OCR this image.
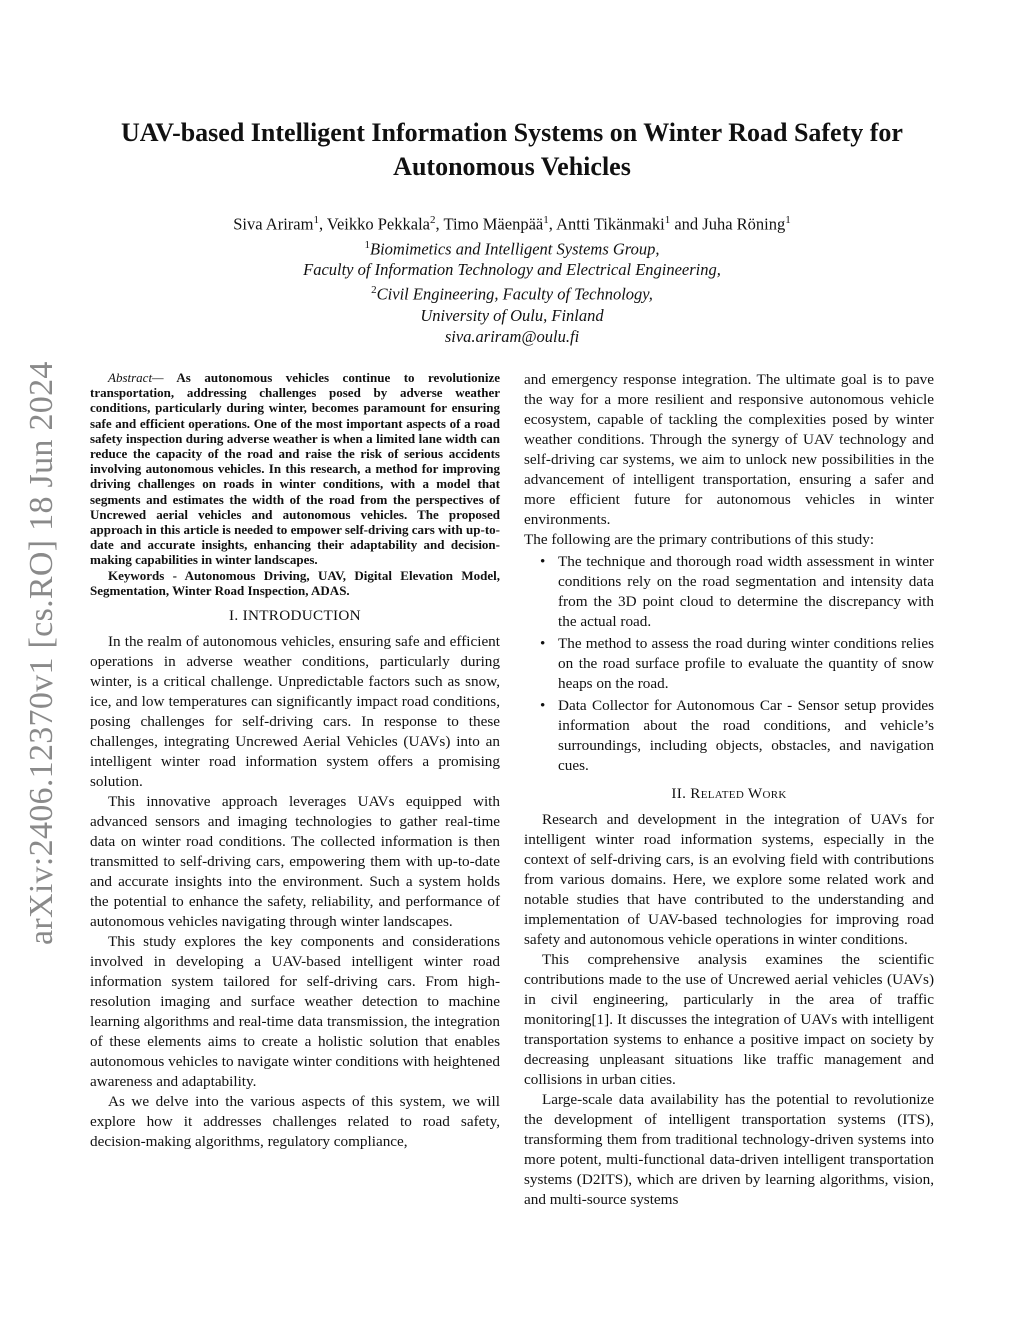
arXiv:2406.12370v1 [cs.RO] 18 Jun 2024
UAV-based Intelligent Information Systems on Winter Road Safety for Autonomous Vehicles
Siva Ariram$^1$, Veikko Pekkala$^2$, Timo Mäenpää$^1$, Antti Tikänmaki$^1$ and Juha Röning$^1$
$^1$Biomimetics and Intelligent Systems Group,
Faculty of Information Technology and Electrical Engineering,
$^2$Civil Engineering, Faculty of Technology,
University of Oulu, Finland
siva.ariram@oulu.fi

Abstract— As autonomous vehicles continue to revolutionize transportation, addressing challenges posed by adverse weather conditions, particularly during winter, becomes paramount for ensuring safe and efficient operations. One of the most important aspects of a road safety inspection during adverse weather is when a limited lane width can reduce the capacity of the road and raise the risk of serious accidents involving autonomous vehicles. In this research, a method for improving driving challenges on roads in winter conditions, with a model that segments and estimates the width of the road from the perspectives of Uncrewed aerial vehicles and autonomous vehicles. The proposed approach in this article is needed to empower self-driving cars with up-to-date and accurate insights, enhancing their adaptability and decision-making capabilities in winter landscapes.

Keywords - Autonomous Driving, UAV, Digital Elevation Model, Segmentation, Winter Road Inspection, ADAS.

I. INTRODUCTION

In the realm of autonomous vehicles, ensuring safe and efficient operations in adverse weather conditions, particularly during winter, is a critical challenge. Unpredictable factors such as snow, ice, and low temperatures can significantly impact road conditions, posing challenges for self-driving cars. In response to these challenges, integrating Uncrewed Aerial Vehicles (UAVs) into an intelligent winter road information system offers a promising solution.

This innovative approach leverages UAVs equipped with advanced sensors and imaging technologies to gather real-time data on winter road conditions. The collected information is then transmitted to self-driving cars, empowering them with up-to-date and accurate insights into the environment. Such a system holds the potential to enhance the safety, reliability, and performance of autonomous vehicles navigating through winter landscapes.

This study explores the key components and considerations involved in developing a UAV-based intelligent winter road information system tailored for self-driving cars. From high-resolution imaging and surface weather detection to machine learning algorithms and real-time data transmission, the integration of these elements aims to create a holistic solution that enables autonomous vehicles to navigate winter conditions with heightened awareness and adaptability.

As we delve into the various aspects of this system, we will explore how it addresses challenges related to road safety, decision-making algorithms, regulatory compliance,

and emergency response integration. The ultimate goal is to pave the way for a more resilient and responsive autonomous vehicle ecosystem, capable of tackling the complexities posed by winter weather conditions. Through the synergy of UAV technology and self-driving car systems, we aim to unlock new possibilities in the advancement of intelligent transportation, ensuring a safer and more efficient future for autonomous vehicles in winter environments.

The following are the primary contributions of this study:

• The technique and thorough road width assessment in winter conditions rely on the road segmentation and intensity data from the 3D point cloud to determine the discrepancy with the actual road.
• The method to assess the road during winter conditions relies on the road surface profile to evaluate the quantity of snow heaps on the road.
• Data Collector for Autonomous Car - Sensor setup provides information about the road conditions, and vehicle’s surroundings, including objects, obstacles, and navigation cues.
II. Related Work

Research and development in the integration of UAVs for intelligent winter road information systems, especially in the context of self-driving cars, is an evolving field with contributions from various domains. Here, we explore some related work and notable studies that have contributed to the understanding and implementation of UAV-based technologies for improving road safety and autonomous vehicle operations in winter conditions.

This comprehensive analysis examines the scientific contributions made to the use of Uncrewed aerial vehicles (UAVs) in civil engineering, particularly in the area of traffic monitoring[1]. It discusses the integration of UAVs with intelligent transportation systems to enhance a positive impact on society by decreasing unpleasant situations like traffic management and collisions in urban cities.

Large-scale data availability has the potential to revolutionize the development of intelligent transportation systems (ITS), transforming them from traditional technology-driven systems into more potent, multi-functional data-driven intelligent transportation systems (D2ITS), which are driven by learning algorithms, vision, and multi-source systems
